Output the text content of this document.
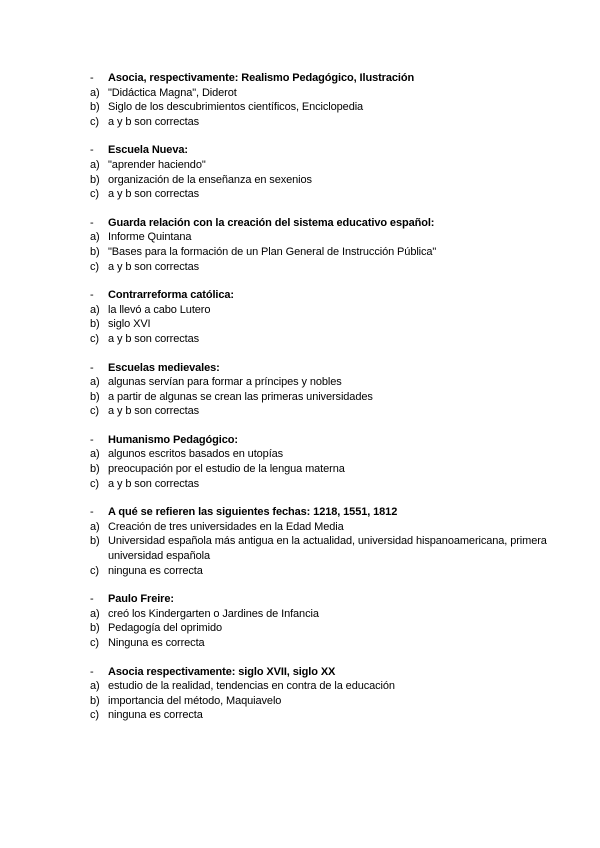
-	Asocia, respectivamente: Realismo Pedagógico, Ilustración
a) "Didáctica Magna", Diderot
b) Siglo de los descubrimientos científicos, Enciclopedia
c) a y b son correctas
-	Escuela Nueva:
a) "aprender haciendo"
b) organización de la enseñanza en sexenios
c) a y b son correctas
-	Guarda relación con la creación del sistema educativo español:
a) Informe Quintana
b) "Bases para la formación de un Plan General de Instrucción Pública"
c) a y b son correctas
-	Contrarreforma católica:
a) la llevó a cabo Lutero
b) siglo XVI
c) a y b son correctas
-	Escuelas medievales:
a) algunas servían para formar a príncipes y nobles
b) a partir de algunas se crean las primeras universidades
c) a y b son correctas
-	Humanismo Pedagógico:
a) algunos escritos basados en utopías
b) preocupación por el estudio de la lengua materna
c) a y b son correctas
-	A qué se refieren las siguientes fechas: 1218, 1551, 1812
a) Creación de tres universidades en la Edad Media
b) Universidad española más antigua en la actualidad, universidad hispanoamericana, primera universidad española
c) ninguna es correcta
-	Paulo Freire:
a) creó los Kindergarten o Jardines de Infancia
b) Pedagogía del oprimido
c) Ninguna es correcta
-	Asocia respectivamente: siglo XVII, siglo XX
a) estudio de la realidad, tendencias en contra de la educación
b) importancia del método, Maquiavelo
c) ninguna es correcta
